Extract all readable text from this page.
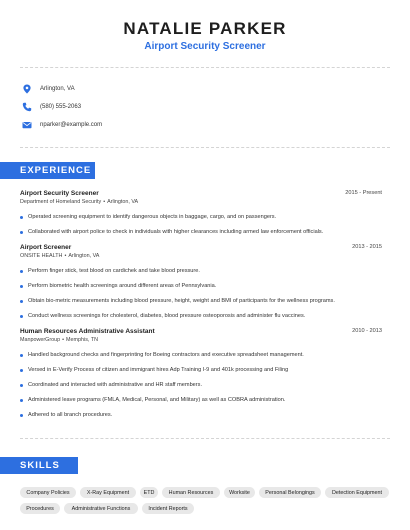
NATALIE PARKER
Airport Security Screener
Arlington, VA
(580) 555-2063
nparker@example.com
EXPERIENCE
Airport Security Screener	2015 - Present
Department of Homeland Security • Arlington, VA
Operated screening equipment to identify dangerous objects in baggage, cargo, and on passengers.
Collaborated with airport police to check in individuals with higher clearances including armed law enforcement officials.
Airport Screener	2013 - 2015
ONSITE HEALTH • Arlington, VA
Perform finger stick, test blood on cardichek and take blood pressure.
Perform biometric health screenings around different areas of Pennsylvania.
Obtain bio-metric measurements including blood pressure, height, weight and BMI of participants for the wellness programs.
Conduct wellness screenings for cholesterol, diabetes, blood pressure osteoporosis and administer flu vaccines.
Human Resources Administrative Assistant	2010 - 2013
ManpowerGroup • Memphis, TN
Handled background checks and fingerprinting for Boeing contractors and executive spreadsheet management.
Versed in E-Verify Process of citizen and immigrant hires Adp Training I-9 and 401k processing and Filing
Coordinated and interacted with administrative and HR staff members.
Administered leave programs (FMLA, Medical, Personal, and Military) as well as COBRA administration.
Adhered to all branch procedures.
SKILLS
Company Policies	X-Ray Equipment	ETD	Human Resources	Worksite	Personal Belongings	Detection Equipment
Procedures	Administrative Functions	Incident Reports
